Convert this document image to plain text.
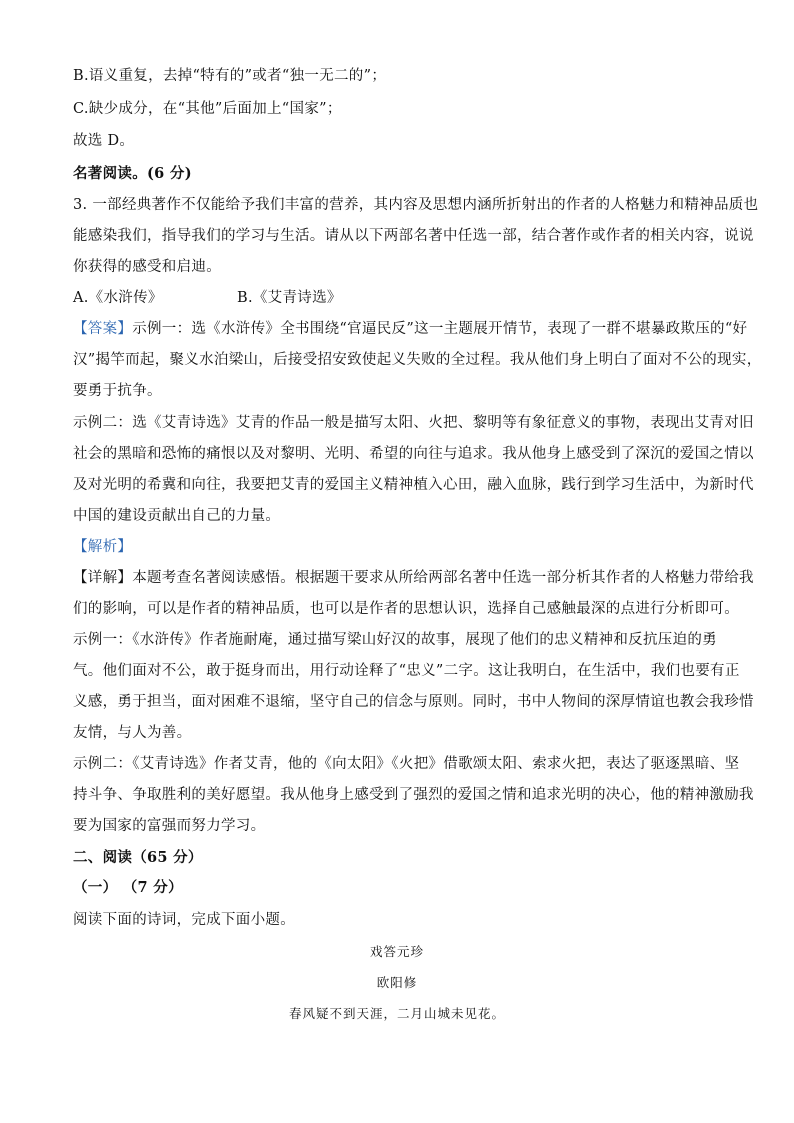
B.语义重复，去掉“特有的”或者“独一无二的”；
C.缺少成分，在“其他”后面加上“国家”；
故选 D。
名著阅读。(6 分)
3. 一部经典著作不仅能给予我们丰富的营养，其内容及思想内涵所折射出的作者的人格魅力和精神品质也
能感染我们，指导我们的学习与生活。请从以下两部名著中任选一部，结合著作或作者的相关内容，说说
你获得的感受和启迪。
A.《水浒传》	B.《艾青诗选》
【答案】示例一：选《水浒传》全书围绕“官逼民反”这一主题展开情节，表现了一群不堪暴政欺压的“好
汉”揭竿而起，聚义水泊梁山，后接受招安致使起义失败的全过程。我从他们身上明白了面对不公的现实，
要勇于抗争。
示例二：选《艾青诗选》艾青的作品一般是描写太阳、火把、黎明等有象征意义的事物，表现出艾青对旧
社会的黑暗和恐怖的痛恨以及对黎明、光明、希望的向往与追求。我从他身上感受到了深沉的爱国之情以
及对光明的希冀和向往，我要把艾青的爱国主义精神植入心田，融入血脉，践行到学习生活中，为新时代
中国的建设贡献出自己的力量。
【解析】
【详解】本题考查名著阅读感悟。根据题干要求从所给两部名著中任选一部分析其作者的人格魅力带给我
们的影响，可以是作者的精神品质，也可以是作者的思想认识，选择自己感触最深的点进行分析即可。
示例一：《水浒传》作者施耐庵，通过描写梁山好汉的故事，展现了他们的忠义精神和反抗压迫的勇
气。他们面对不公，敢于挺身而出，用行动诠释了“忠义”二字。这让我明白，在生活中，我们也要有正
义感，勇于担当，面对困难不退缩，坚守自己的信念与原则。同时，书中人物间的深厚情谊也教会我珍惜
友情，与人为善。
示例二：《艾青诗选》作者艾青，他的《向太阳》《火把》借歌颂太阳、索求火把，表达了驱逐黑暗、坚
持斗争、争取胜利的美好愿望。我从他身上感受到了强烈的爱国之情和追求光明的决心，他的精神激励我
要为国家的富强而努力学习。
二、阅读（65 分）
（一） （7 分）
阅读下面的诗词，完成下面小题。
戏答元珍
欧阳修
春风疑不到天涯，二月山城未见花。
